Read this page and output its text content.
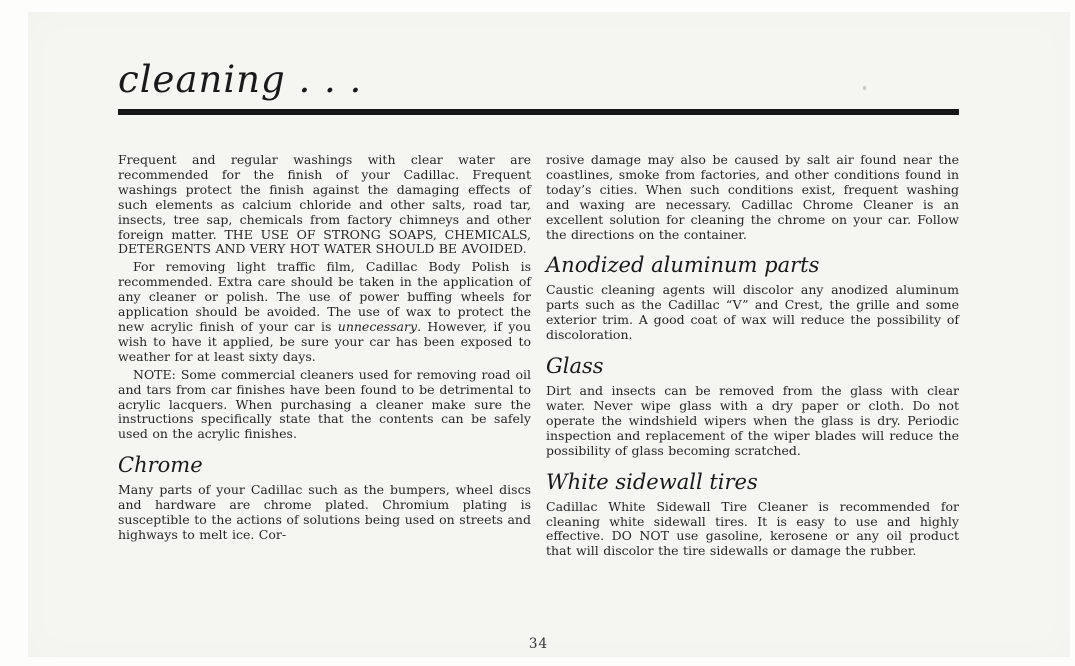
cleaning . . .

Frequent and regular washings with clear water are recommended for the finish of your Cadillac. Frequent washings protect the finish against the damaging effects of such elements as calcium chloride and other salts, road tar, insects, tree sap, chemicals from factory chimneys and other foreign matter. THE USE OF STRONG SOAPS, CHEMICALS, DETERGENTS AND VERY HOT WATER SHOULD BE AVOIDED.

For removing light traffic film, Cadillac Body Polish is recommended. Extra care should be taken in the application of any cleaner or polish. The use of power buffing wheels for application should be avoided. The use of wax to protect the new acrylic finish of your car is unnecessary. However, if you wish to have it applied, be sure your car has been exposed to weather for at least sixty days.

NOTE: Some commercial cleaners used for removing road oil and tars from car finishes have been found to be detrimental to acrylic lacquers. When purchasing a cleaner make sure the instructions specifically state that the contents can be safely used on the acrylic finishes.

Chrome

Many parts of your Cadillac such as the bumpers, wheel discs and hardware are chrome plated. Chromium plating is susceptible to the actions of solutions being used on streets and highways to melt ice. Cor-

rosive damage may also be caused by salt air found near the coastlines, smoke from factories, and other conditions found in today’s cities. When such conditions exist, frequent washing and waxing are necessary. Cadillac Chrome Cleaner is an excellent solution for cleaning the chrome on your car. Follow the directions on the container.

Anodized aluminum parts

Caustic cleaning agents will discolor any anodized aluminum parts such as the Cadillac “V” and Crest, the grille and some exterior trim. A good coat of wax will reduce the possibility of discoloration.

Glass

Dirt and insects can be removed from the glass with clear water. Never wipe glass with a dry paper or cloth. Do not operate the windshield wipers when the glass is dry. Periodic inspection and replacement of the wiper blades will reduce the possibility of glass becoming scratched.

White sidewall tires

Cadillac White Sidewall Tire Cleaner is recommended for cleaning white sidewall tires. It is easy to use and highly effective. DO NOT use gasoline, kerosene or any oil product that will discolor the tire sidewalls or damage the rubber.

34
